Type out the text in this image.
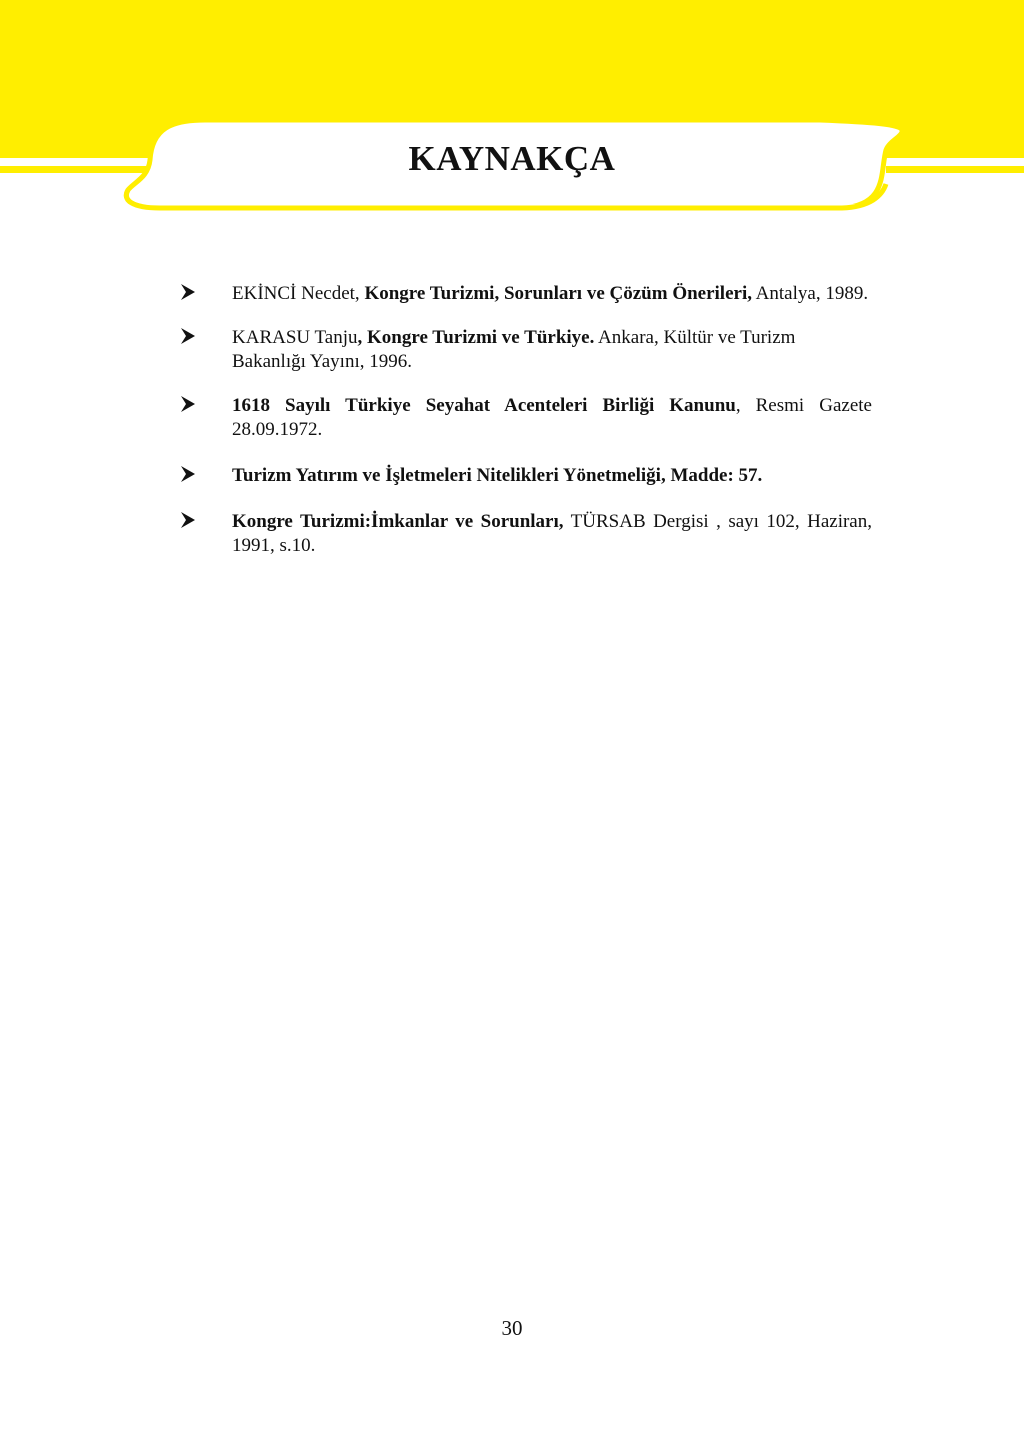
KAYNAKÇA
EKİNCİ Necdet, Kongre Turizmi, Sorunları ve Çözüm Önerileri, Antalya, 1989.
KARASU Tanju, Kongre Turizmi ve Türkiye. Ankara, Kültür ve Turizm Bakanlığı Yayını, 1996.
1618 Sayılı Türkiye Seyahat Acenteleri Birliği Kanunu, Resmi Gazete 28.09.1972.
Turizm Yatırım ve İşletmeleri Nitelikleri Yönetmeliği, Madde: 57.
Kongre Turizmi:İmkanlar ve Sorunları, TÜRSAB Dergisi , sayı 102, Haziran, 1991, s.10.
30
